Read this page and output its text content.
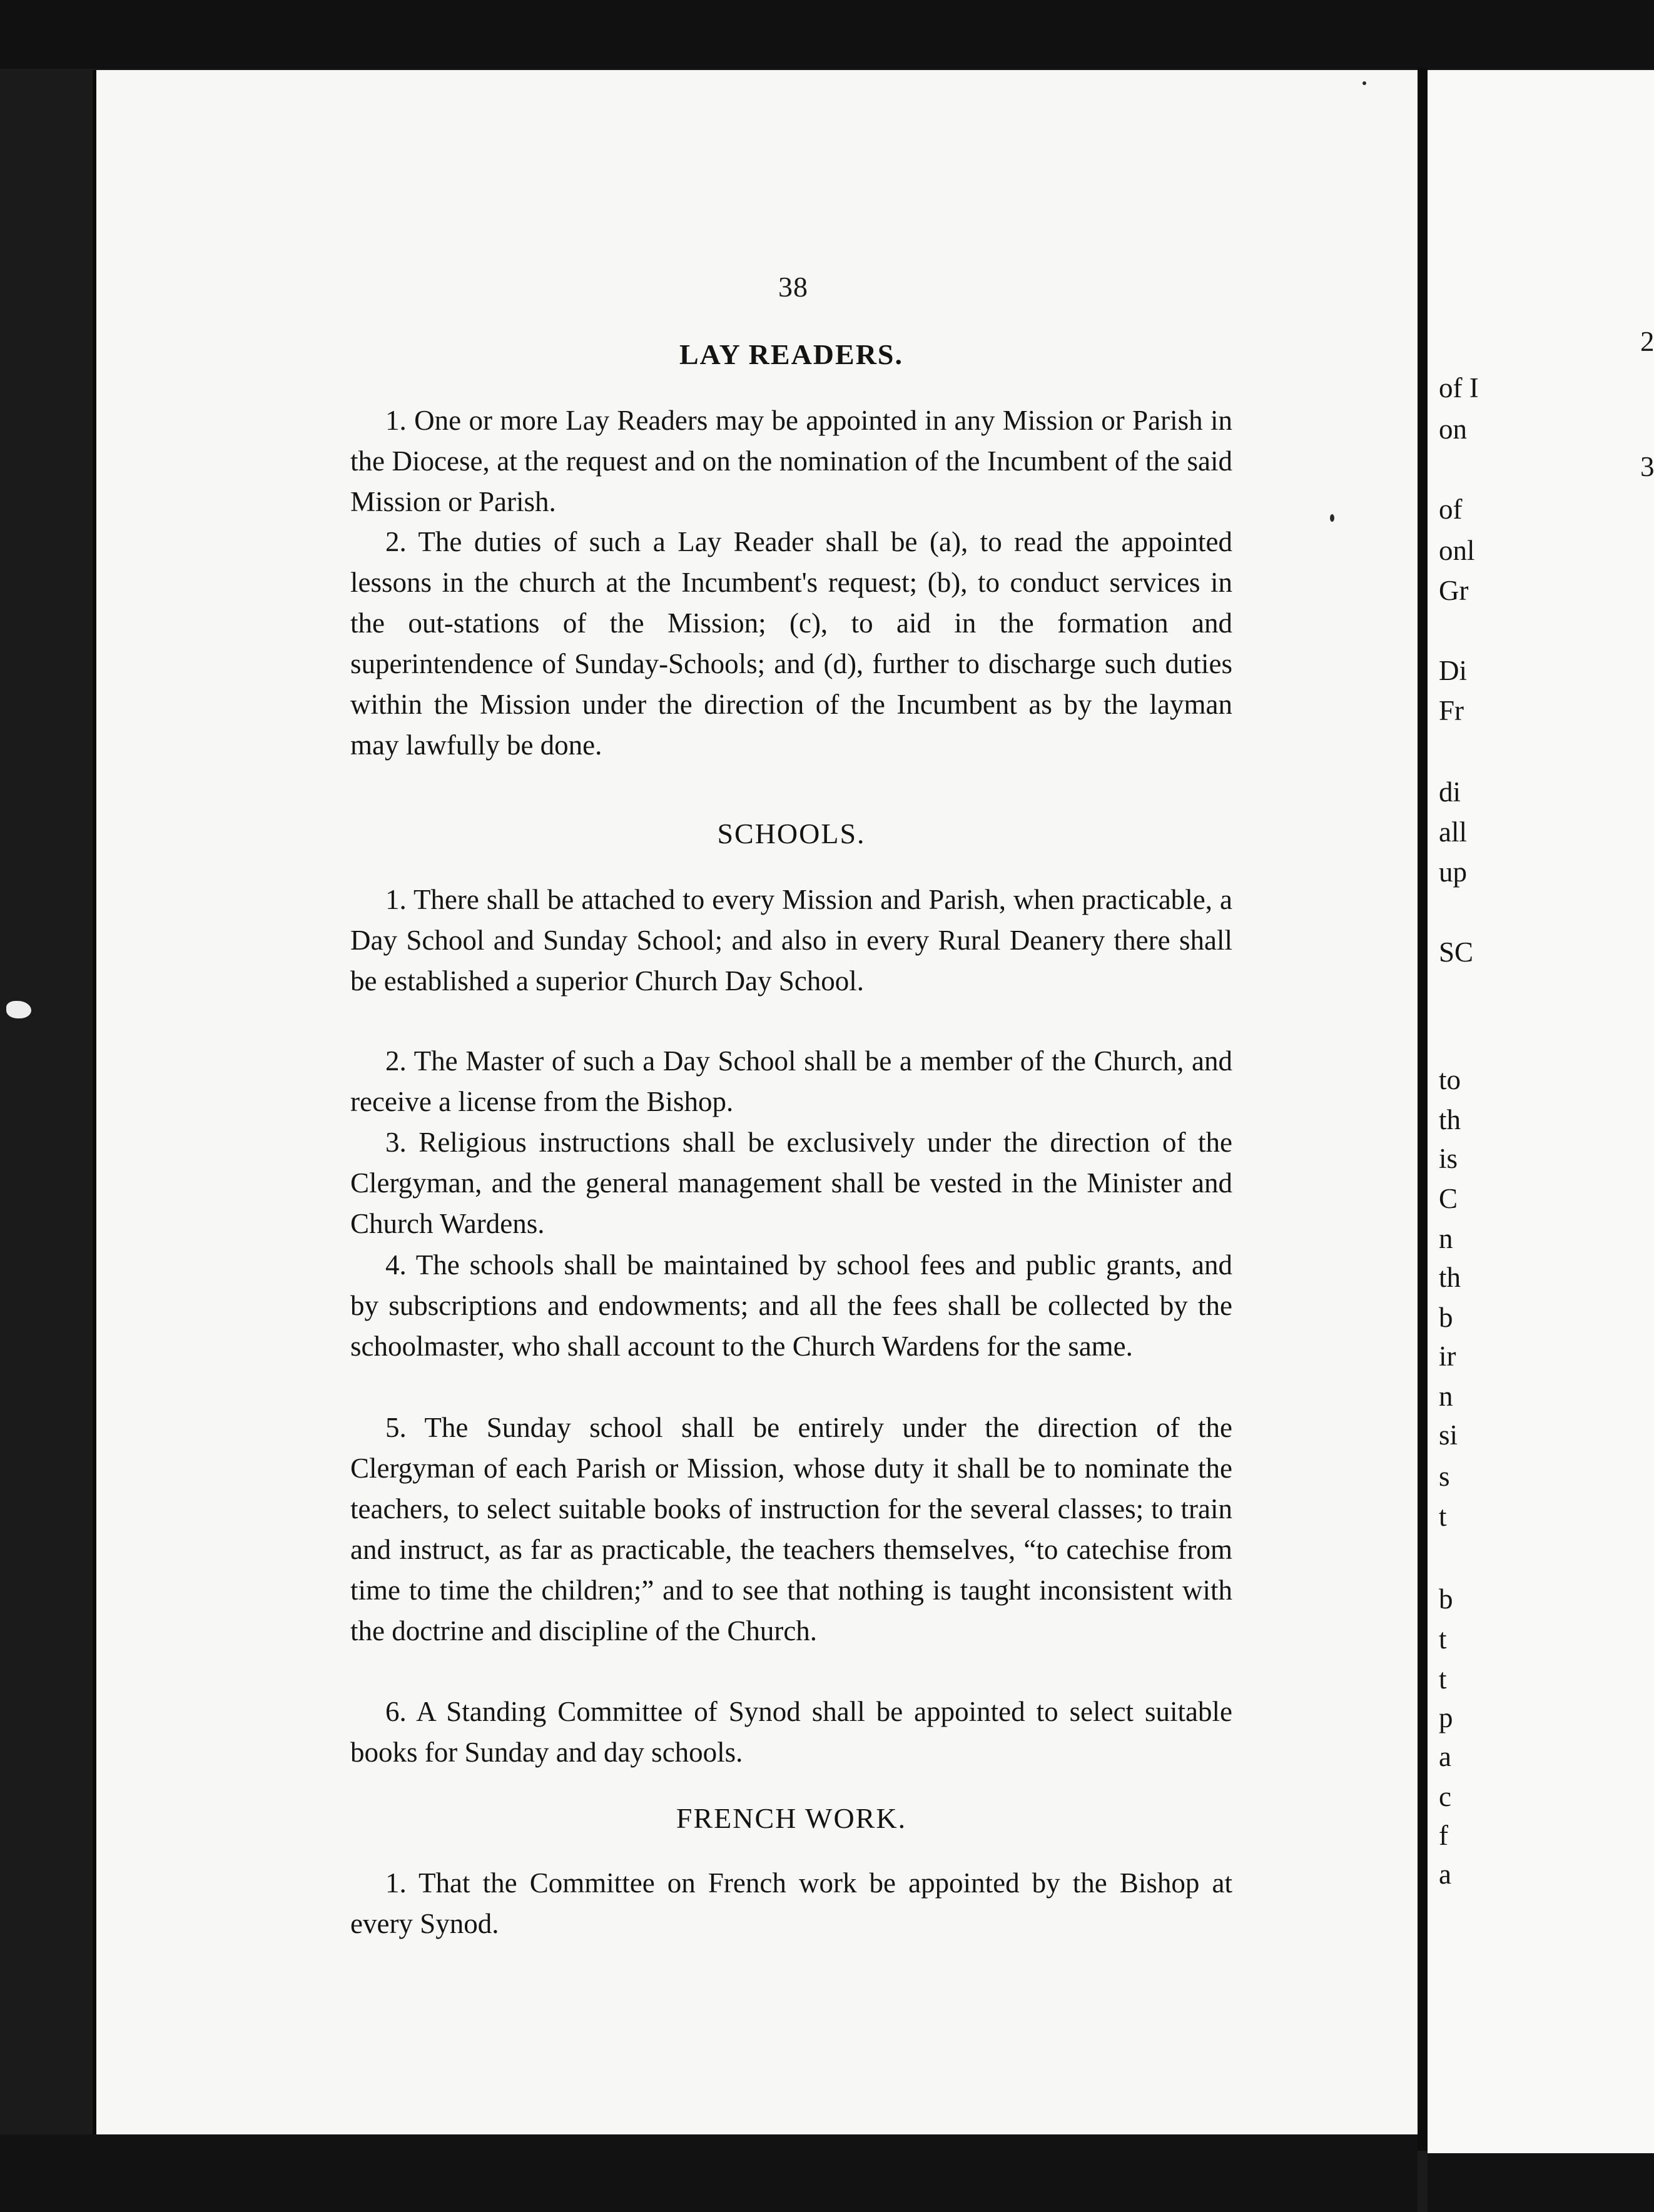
38
LAY READERS.

1. One or more Lay Readers may be appointed in any Mission or Parish in the Diocese, at the request and on the nomination of the Incumbent of the said Mission or Parish.

2. The duties of such a Lay Reader shall be (a), to read the appointed lessons in the church at the Incumbent's request; (b), to conduct services in the out-stations of the Mission; (c), to aid in the formation and superintendence of Sunday-Schools; and (d), further to discharge such duties within the Mission under the direction of the Incumbent as by the layman may lawfully be done.

SCHOOLS.

1. There shall be attached to every Mission and Parish, when practicable, a Day School and Sunday School; and also in every Rural Deanery there shall be established a superior Church Day School.

2. The Master of such a Day School shall be a member of the Church, and receive a license from the Bishop.

3. Religious instructions shall be exclusively under the direction of the Clergyman, and the general management shall be vested in the Minister and Church Wardens.

4. The schools shall be maintained by school fees and public grants, and by subscriptions and endowments; and all the fees shall be collected by the schoolmaster, who shall account to the Church Wardens for the same.

5. The Sunday school shall be entirely under the direction of the Clergyman of each Parish or Mission, whose duty it shall be to nominate the teachers, to select suitable books of instruction for the several classes; to train and instruct, as far as practicable, the teachers themselves, “to catechise from time to time the children;” and to see that nothing is taught inconsistent with the doctrine and discipline of the Church.

6. A Standing Committee of Synod shall be appointed to select suitable books for Sunday and day schools.

FRENCH WORK.

1. That the Committee on French work be appointed by the Bishop at every Synod.

2
of I
on
3
of
onl
Gr
Di
Fr
di
all
up
SC
to
th
is
C
n
th
b
ir
n
si
s
t
b
t
t
p
a
c
f
a
